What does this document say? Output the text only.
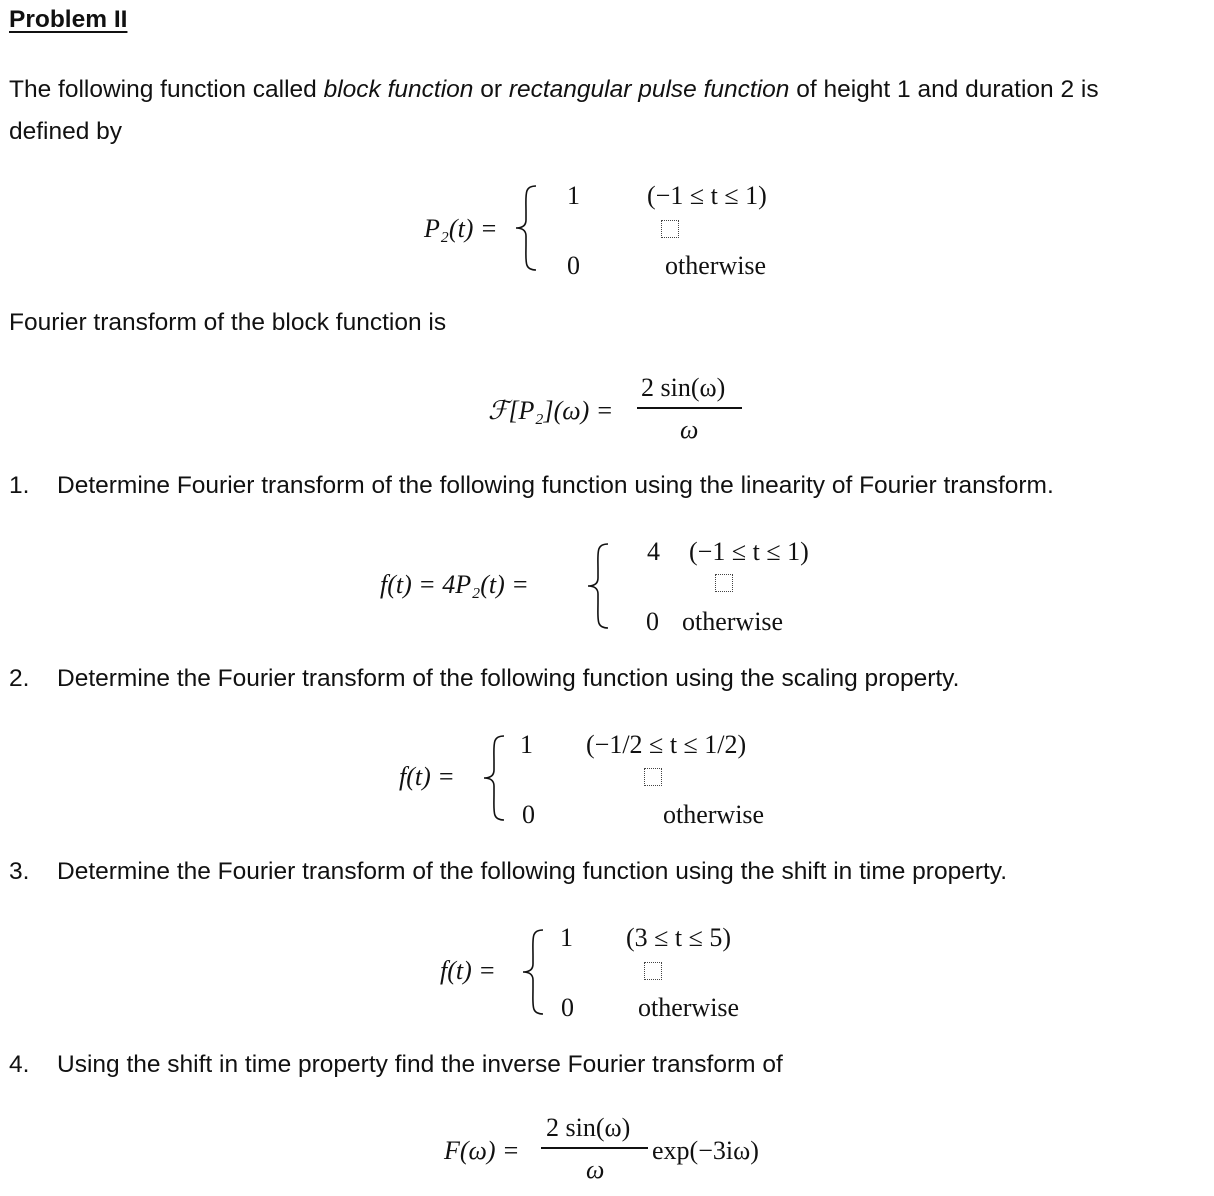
Problem II
The following function called block function or rectangular pulse function of height 1 and duration 2 is
defined by
P₂(t) =
1	(−1 ≤ t ≤ 1)
0	otherwise
Fourier transform of the block function is
ℱ[P₂](ω) =
2 sin(ω)
ω
1. Determine Fourier transform of the following function using the linearity of Fourier transform.
f(t) = 4P₂(t) =
4 (−1 ≤ t ≤ 1)
0 otherwise
2. Determine the Fourier transform of the following function using the scaling property.
f(t) =
1 (−1/2 ≤ t ≤ 1/2)
0	otherwise
3. Determine the Fourier transform of the following function using the shift in time property.
f(t) =
1 (3 ≤ t ≤ 5)
0 otherwise
4. Using the shift in time property find the inverse Fourier transform of
F(ω) =
2 sin(ω)
ω
exp(−3iω)
